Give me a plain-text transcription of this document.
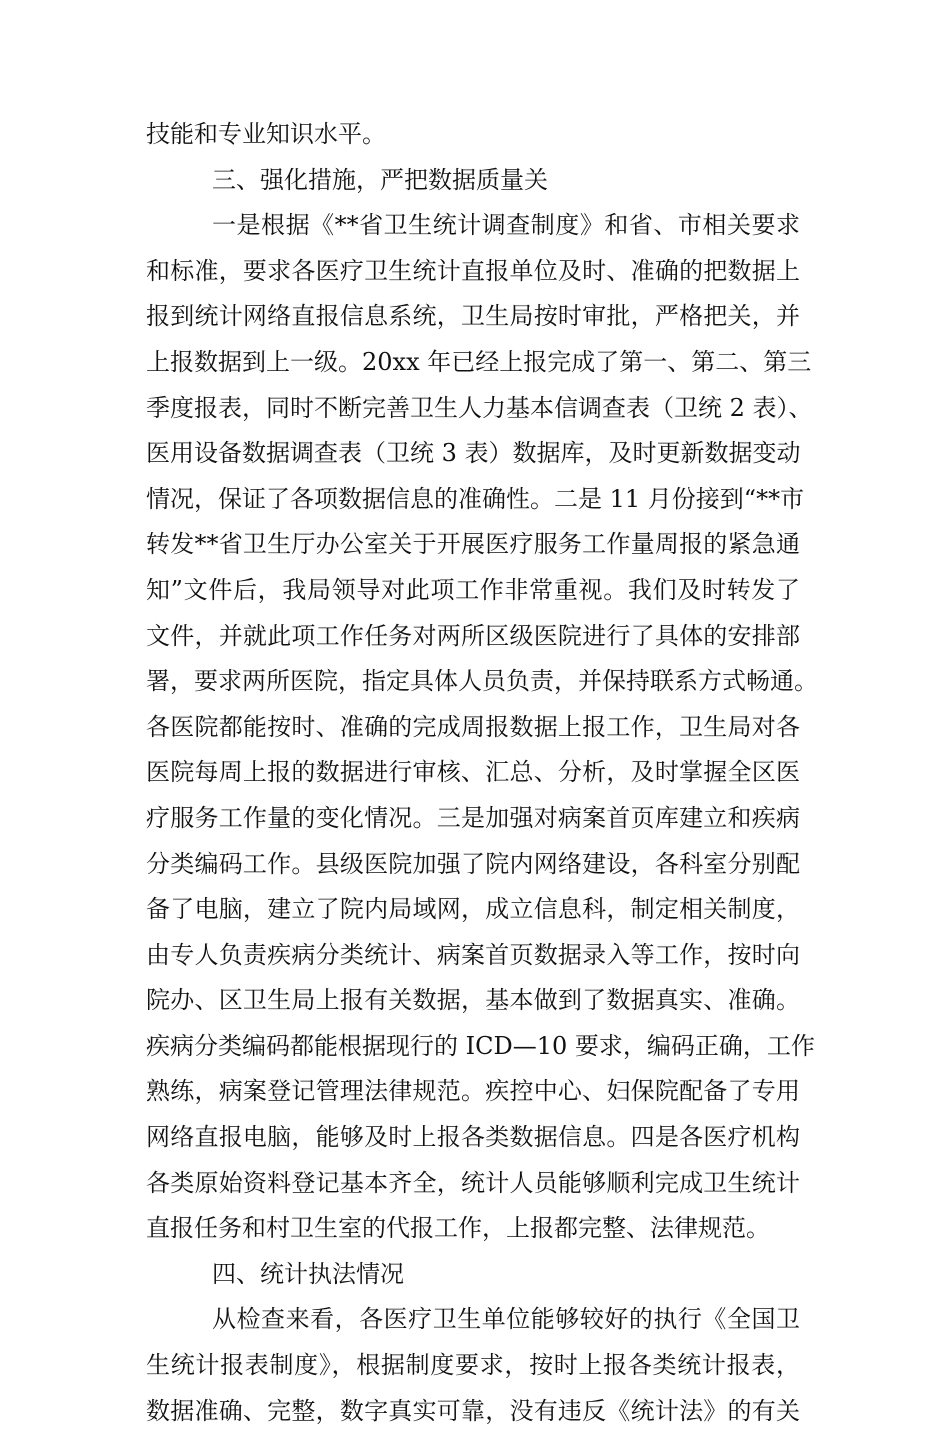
技能和专业知识水平。
三、强化措施，严把数据质量关
一是根据《**省卫生统计调查制度》和省、市相关要求
和标准，要求各医疗卫生统计直报单位及时、准确的把数据上
报到统计网络直报信息系统，卫生局按时审批，严格把关，并
上报数据到上一级。20xx 年已经上报完成了第一、第二、第三
季度报表，同时不断完善卫生人力基本信调查表（卫统 2 表）、
医用设备数据调查表（卫统 3 表）数据库，及时更新数据变动
情况，保证了各项数据信息的准确性。二是 11 月份接到“**市
转发**省卫生厅办公室关于开展医疗服务工作量周报的紧急通
知”文件后，我局领导对此项工作非常重视。我们及时转发了
文件，并就此项工作任务对两所区级医院进行了具体的安排部
署，要求两所医院，指定具体人员负责，并保持联系方式畅通。
各医院都能按时、准确的完成周报数据上报工作，卫生局对各
医院每周上报的数据进行审核、汇总、分析，及时掌握全区医
疗服务工作量的变化情况。三是加强对病案首页库建立和疾病
分类编码工作。县级医院加强了院内网络建设，各科室分别配
备了电脑，建立了院内局域网，成立信息科，制定相关制度，
由专人负责疾病分类统计、病案首页数据录入等工作，按时向
院办、区卫生局上报有关数据，基本做到了数据真实、准确。
疾病分类编码都能根据现行的 ICD—10 要求，编码正确，工作
熟练，病案登记管理法律规范。疾控中心、妇保院配备了专用
网络直报电脑，能够及时上报各类数据信息。四是各医疗机构
各类原始资料登记基本齐全，统计人员能够顺利完成卫生统计
直报任务和村卫生室的代报工作，上报都完整、法律规范。
四、统计执法情况
从检查来看，各医疗卫生单位能够较好的执行《全国卫
生统计报表制度》，根据制度要求，按时上报各类统计报表，
数据准确、完整，数字真实可靠，没有违反《统计法》的有关
